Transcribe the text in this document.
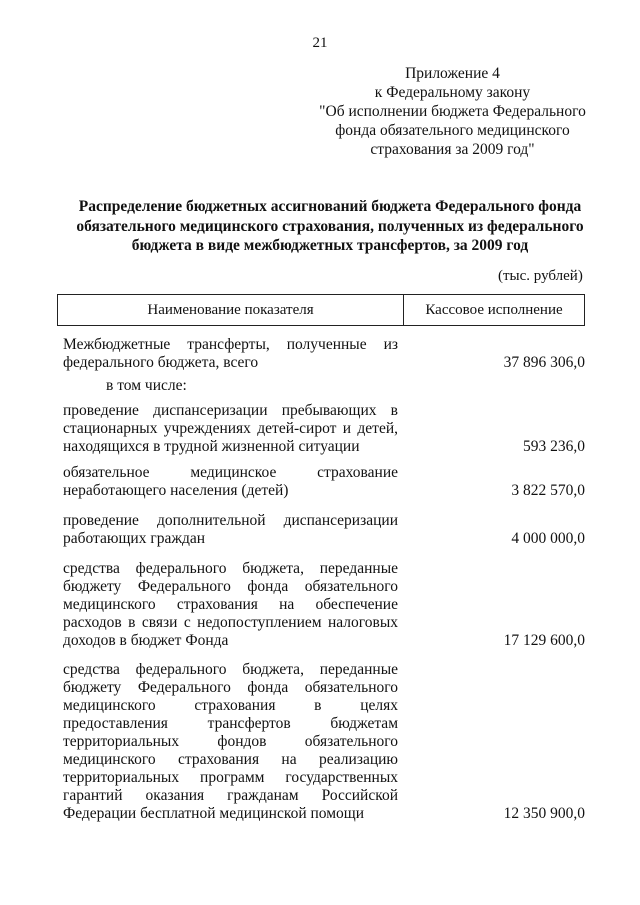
21
Приложение 4
к Федеральному закону
"Об исполнении бюджета Федерального
фонда обязательного медицинского
страхования за 2009 год"
Распределение бюджетных ассигнований бюджета Федерального фонда обязательного медицинского страхования, полученных из федерального бюджета в виде межбюджетных трансфертов, за 2009 год
(тыс. рублей)
Наименование показателя	Кассовое исполнение
Межбюджетные трансферты, полученные из федерального бюджета, всего	37 896 306,0
в том числе:
проведение диспансеризации пребывающих в стационарных учреждениях детей-сирот и детей, находящихся в трудной жизненной ситуации	593 236,0
обязательное медицинское страхование неработающего населения (детей)	3 822 570,0
проведение дополнительной диспансеризации работающих граждан	4 000 000,0
средства федерального бюджета, переданные бюджету Федерального фонда обязательного медицинского страхования на обеспечение расходов в связи с недопоступлением налоговых доходов в бюджет Фонда	17 129 600,0
средства федерального бюджета, переданные бюджету Федерального фонда обязательного медицинского страхования в целях предоставления трансфертов бюджетам территориальных фондов обязательного медицинского страхования на реализацию территориальных программ государственных гарантий оказания гражданам Российской Федерации бесплатной медицинской помощи	12 350 900,0
